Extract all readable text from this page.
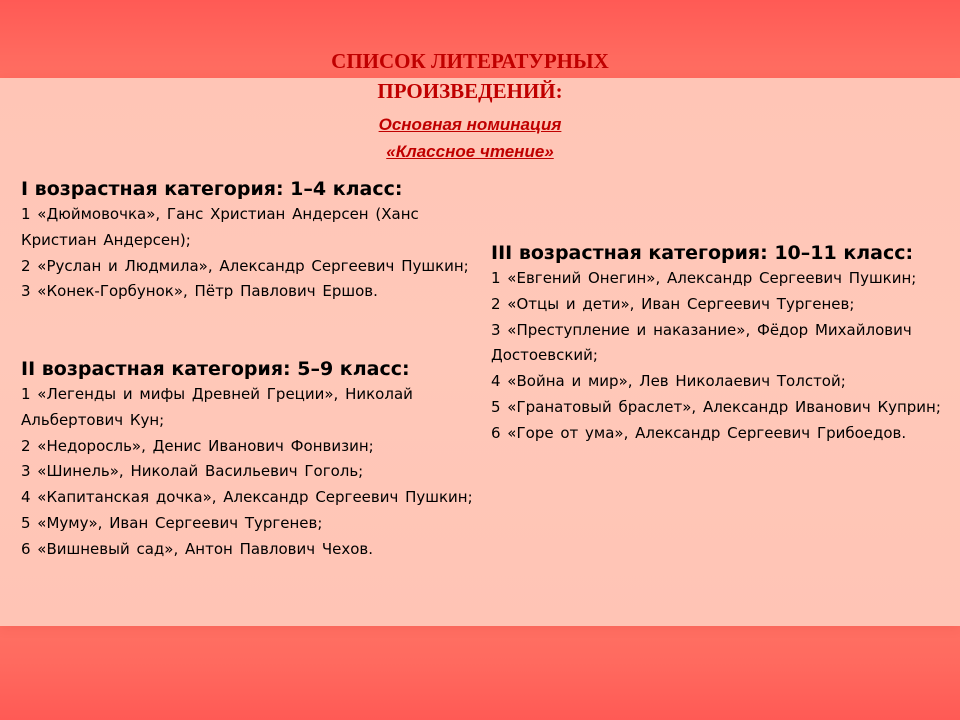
СПИСОК ЛИТЕРАТУРНЫХ
ПРОИЗВЕДЕНИЙ:
Основная номинация
«Классное чтение»
I возрастная категория: 1–4 класс:
1 «Дюймовочка», Ганс Христиан Андерсен (Ханс Кристиан Андерсен);
2 «Руслан и Людмила», Александр Сергеевич Пушкин;
3 «Конек-Горбунок», Пётр Павлович Ершов.
II возрастная категория: 5–9 класс:
1 «Легенды и мифы Древней Греции», Николай Альбертович Кун;
2 «Недоросль», Денис Иванович Фонвизин;
3 «Шинель», Николай Васильевич Гоголь;
4 «Капитанская дочка», Александр Сергеевич Пушкин;
5 «Муму», Иван Сергеевич Тургенев;
6 «Вишневый сад», Антон Павлович Чехов.
III возрастная категория: 10–11 класс:
1 «Евгений Онегин», Александр Сергеевич Пушкин;
2 «Отцы и дети», Иван Сергеевич Тургенев;
3 «Преступление и наказание», Фёдор Михайлович Достоевский;
4 «Война и мир», Лев Николаевич Толстой;
5 «Гранатовый браслет», Александр Иванович Куприн;
6 «Горе от ума», Александр Сергеевич Грибоедов.
